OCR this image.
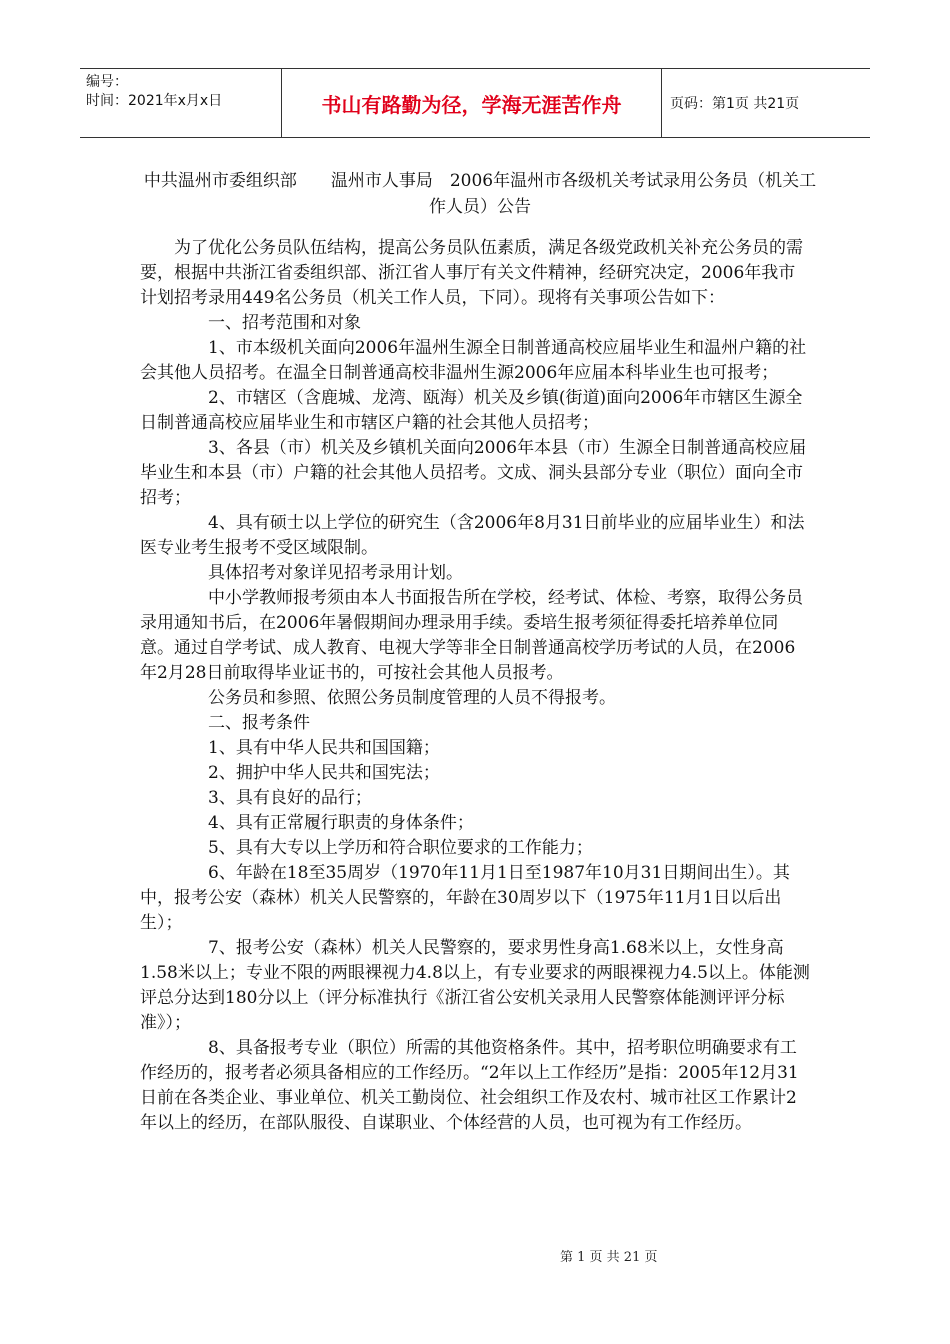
编号：
时间：2021年x月x日	书山有路勤为径，学海无涯苦作舟	页码：第1页 共21页
中共温州市委组织部　　温州市人事局　2006年温州市各级机关考试录用公务员（机关工作人员）公告

为了优化公务员队伍结构，提高公务员队伍素质，满足各级党政机关补充公务员的需要，根据中共浙江省委组织部、浙江省人事厅有关文件精神，经研究决定，2006年我市计划招考录用449名公务员（机关工作人员，下同）。现将有关事项公告如下：

一、招考范围和对象

1、市本级机关面向2006年温州生源全日制普通高校应届毕业生和温州户籍的社会其他人员招考。在温全日制普通高校非温州生源2006年应届本科毕业生也可报考；

2、市辖区（含鹿城、龙湾、瓯海）机关及乡镇(街道)面向2006年市辖区生源全日制普通高校应届毕业生和市辖区户籍的社会其他人员招考；

3、各县（市）机关及乡镇机关面向2006年本县（市）生源全日制普通高校应届毕业生和本县（市）户籍的社会其他人员招考。文成、洞头县部分专业（职位）面向全市招考；

4、具有硕士以上学位的研究生（含2006年8月31日前毕业的应届毕业生）和法医专业考生报考不受区域限制。

具体招考对象详见招考录用计划。

中小学教师报考须由本人书面报告所在学校，经考试、体检、考察，取得公务员录用通知书后，在2006年暑假期间办理录用手续。委培生报考须征得委托培养单位同意。通过自学考试、成人教育、电视大学等非全日制普通高校学历考试的人员，在2006年2月28日前取得毕业证书的，可按社会其他人员报考。

公务员和参照、依照公务员制度管理的人员不得报考。

二、报考条件

1、具有中华人民共和国国籍；

2、拥护中华人民共和国宪法；

3、具有良好的品行；

4、具有正常履行职责的身体条件；

5、具有大专以上学历和符合职位要求的工作能力；

6、年龄在18至35周岁（1970年11月1日至1987年10月31日期间出生）。其中，报考公安（森林）机关人民警察的，年龄在30周岁以下（1975年11月1日以后出生）；

7、报考公安（森林）机关人民警察的，要求男性身高1.68米以上，女性身高1.58米以上；专业不限的两眼裸视力4.8以上，有专业要求的两眼裸视力4.5以上。体能测评总分达到180分以上（评分标准执行《浙江省公安机关录用人民警察体能测评评分标准》）；

8、具备报考专业（职位）所需的其他资格条件。其中，招考职位明确要求有工作经历的，报考者必须具备相应的工作经历。“2年以上工作经历”是指：2005年12月31日前在各类企业、事业单位、机关工勤岗位、社会组织工作及农村、城市社区工作累计2年以上的经历，在部队服役、自谋职业、个体经营的人员，也可视为有工作经历。

第 1 页 共 21 页
